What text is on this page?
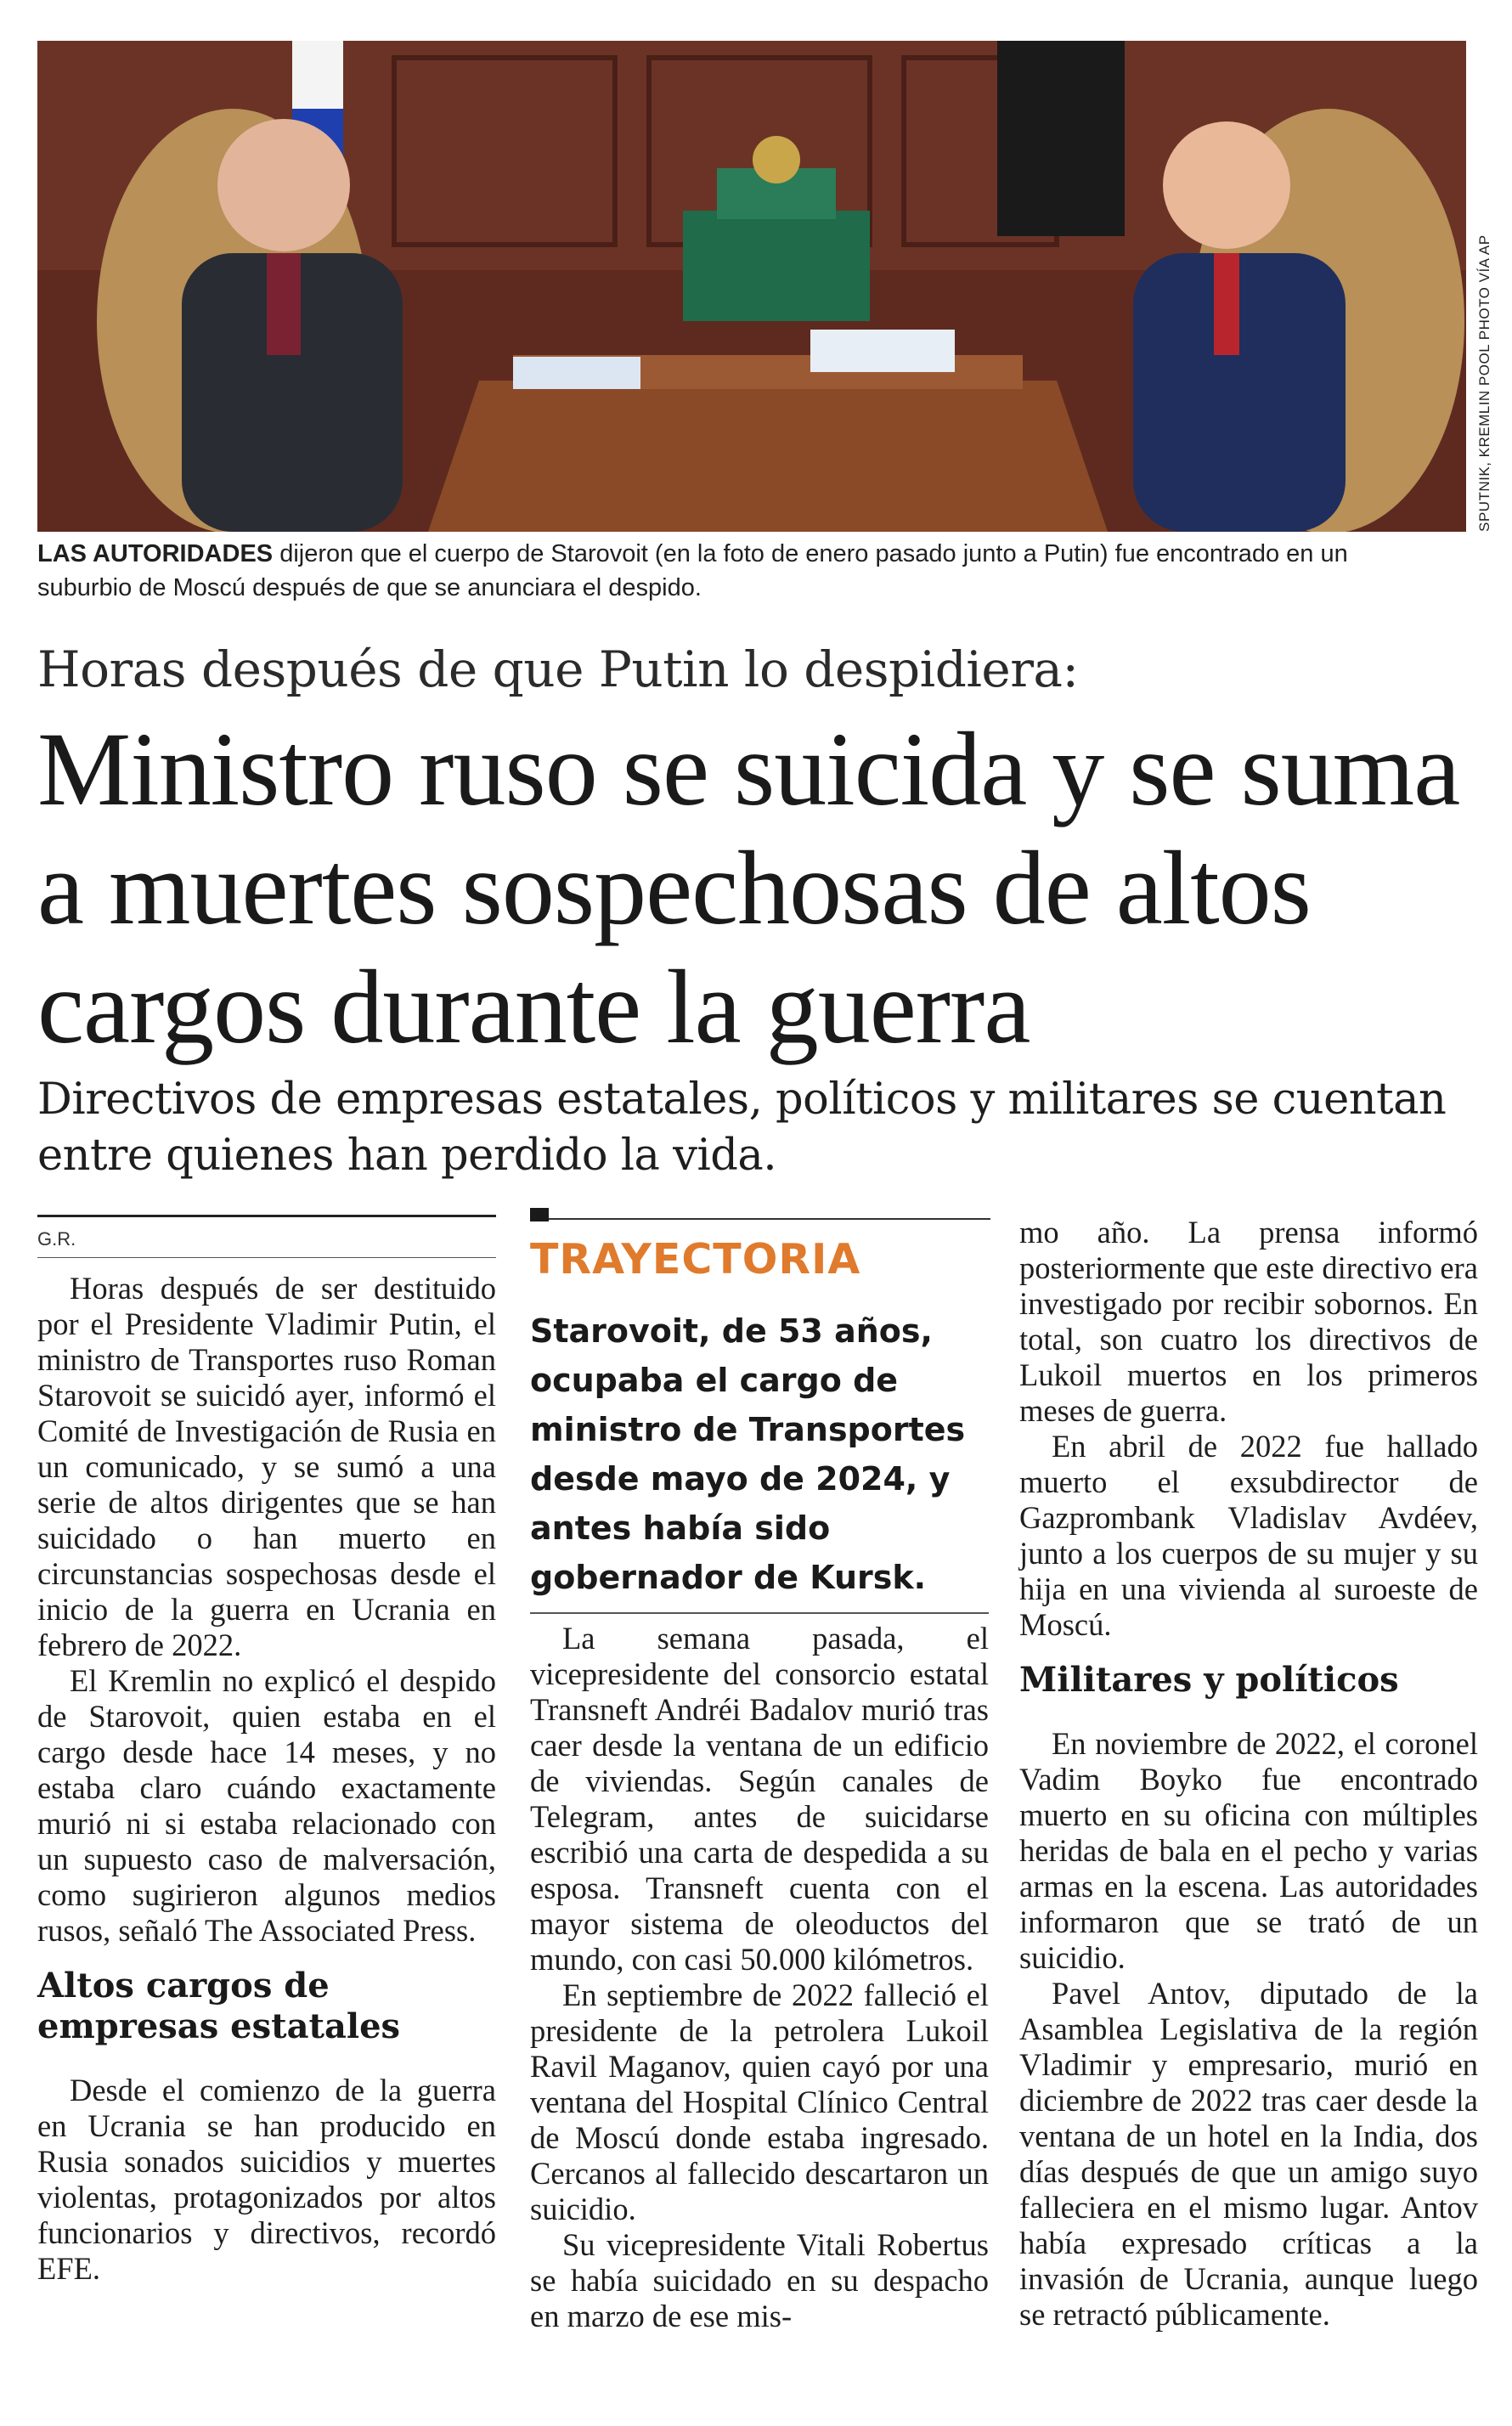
SPUTNIK, KREMLIN POOL PHOTO VÍA AP
LAS AUTORIDADES dijeron que el cuerpo de Starovoit (en la foto de enero pasado junto a Putin) fue encontrado en un suburbio de Moscú después de que se anunciara el despido.
Horas después de que Putin lo despidiera:
Ministro ruso se suicida y se suma a muertes sospechosas de altos cargos durante la guerra
Directivos de empresas estatales, políticos y militares se cuentan entre quienes han perdido la vida.
G.R.

Horas después de ser destituido por el Presidente Vladimir Putin, el ministro de Transportes ruso Roman Starovoit se suicidó ayer, informó el Comité de Investigación de Rusia en un comunicado, y se sumó a una serie de altos dirigentes que se han suicidado o han muerto en circunstancias sospechosas desde el inicio de la guerra en Ucrania en febrero de 2022.

El Kremlin no explicó el despido de Starovoit, quien estaba en el cargo desde hace 14 meses, y no estaba claro cuándo exactamente murió ni si estaba relacionado con un supuesto caso de malversación, como sugirieron algunos medios rusos, señaló The Associated Press.

Altos cargos de empresas estatales

Desde el comienzo de la guerra en Ucrania se han producido en Rusia sonados suicidios y muertes violentas, protagonizados por altos funcionarios y directivos, recordó EFE.

TRAYECTORIA
Starovoit, de 53 años, ocupaba el cargo de ministro de Transportes desde mayo de 2024, y antes había sido gobernador de Kursk.

La semana pasada, el vicepresidente del consorcio estatal Transneft Andréi Badalov murió tras caer desde la ventana de un edificio de viviendas. Según canales de Telegram, antes de suicidarse escribió una carta de despedida a su esposa. Transneft cuenta con el mayor sistema de oleoductos del mundo, con casi 50.000 kilómetros.

En septiembre de 2022 falleció el presidente de la petrolera Lukoil Ravil Maganov, quien cayó por una ventana del Hospital Clínico Central de Moscú donde estaba ingresado. Cercanos al fallecido descartaron un suicidio.

Su vicepresidente Vitali Robertus se había suicidado en su despacho en marzo de ese mis-

mo año. La prensa informó posteriormente que este directivo era investigado por recibir sobornos. En total, son cuatro los directivos de Lukoil muertos en los primeros meses de guerra.

En abril de 2022 fue hallado muerto el exsubdirector de Gazprombank Vladislav Avdéev, junto a los cuerpos de su mujer y su hija en una vivienda al suroeste de Moscú.

Militares y políticos

En noviembre de 2022, el coronel Vadim Boyko fue encontrado muerto en su oficina con múltiples heridas de bala en el pecho y varias armas en la escena. Las autoridades informaron que se trató de un suicidio.

Pavel Antov, diputado de la Asamblea Legislativa de la región Vladimir y empresario, murió en diciembre de 2022 tras caer desde la ventana de un hotel en la India, dos días después de que un amigo suyo falleciera en el mismo lugar. Antov había expresado críticas a la invasión de Ucrania, aunque luego se retractó públicamente.
